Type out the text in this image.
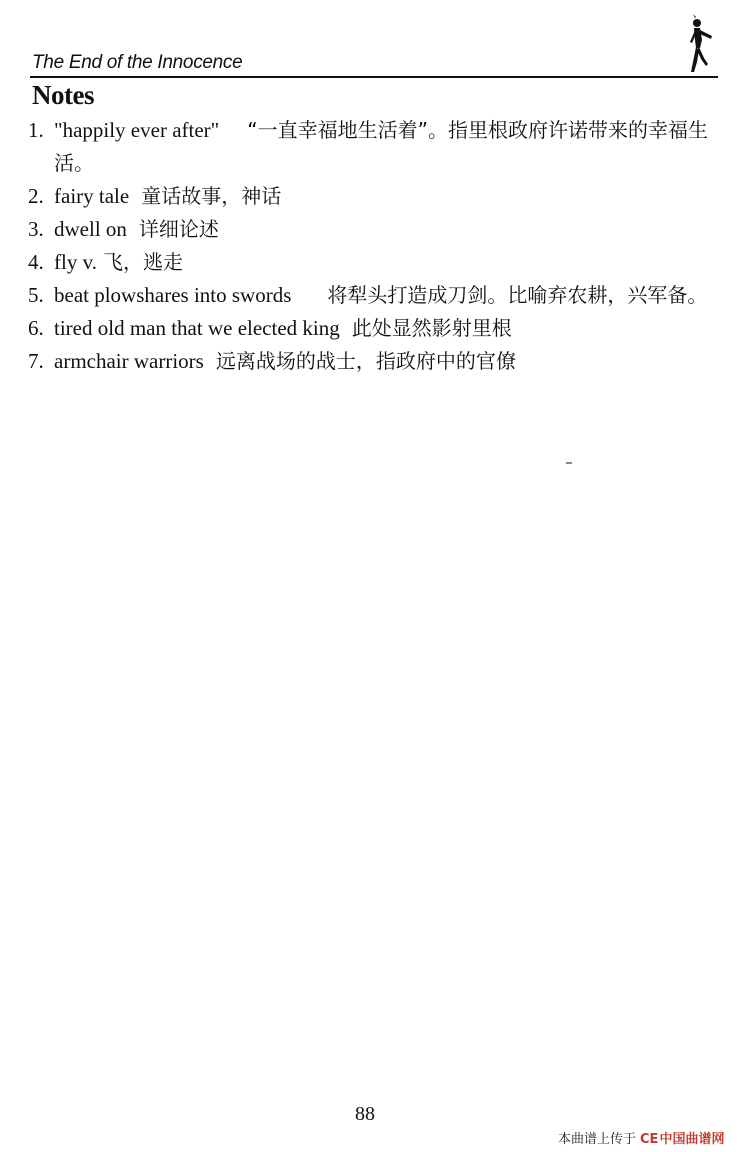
The End of the Innocence
Notes
1. "happily ever after" “一直幸福地生活着”。指里根政府许诺带来的幸福生活。
2. fairy tale 童话故事，神话
3. dwell on 详细论述
4. fly v. 飞，逃走
5. beat plowshares into swords 将犁头打造成刀剑。比喻弃农耕，兴军备。
6. tired old man that we elected king 此处显然影射里根
7. armchair warriors 远离战场的战士，指政府中的官僚
88
本曲谱上传于 CE中国曲谱网
